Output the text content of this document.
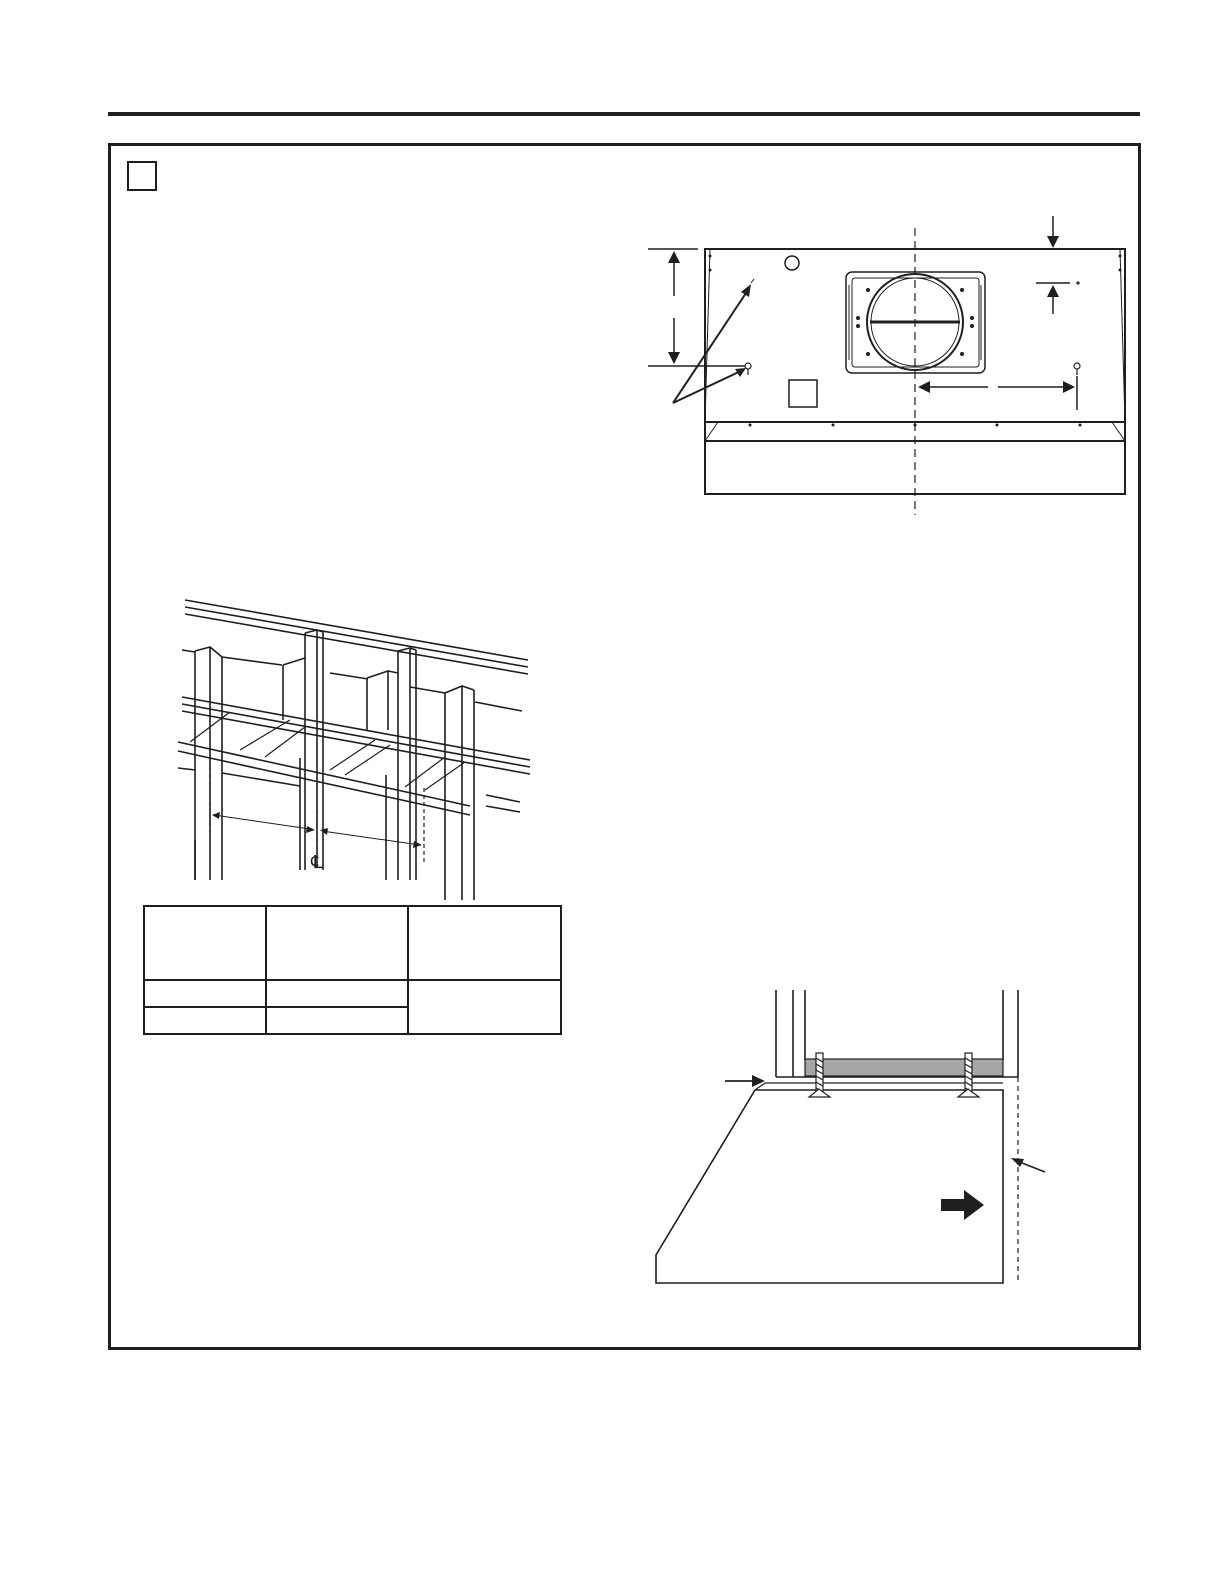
℄
